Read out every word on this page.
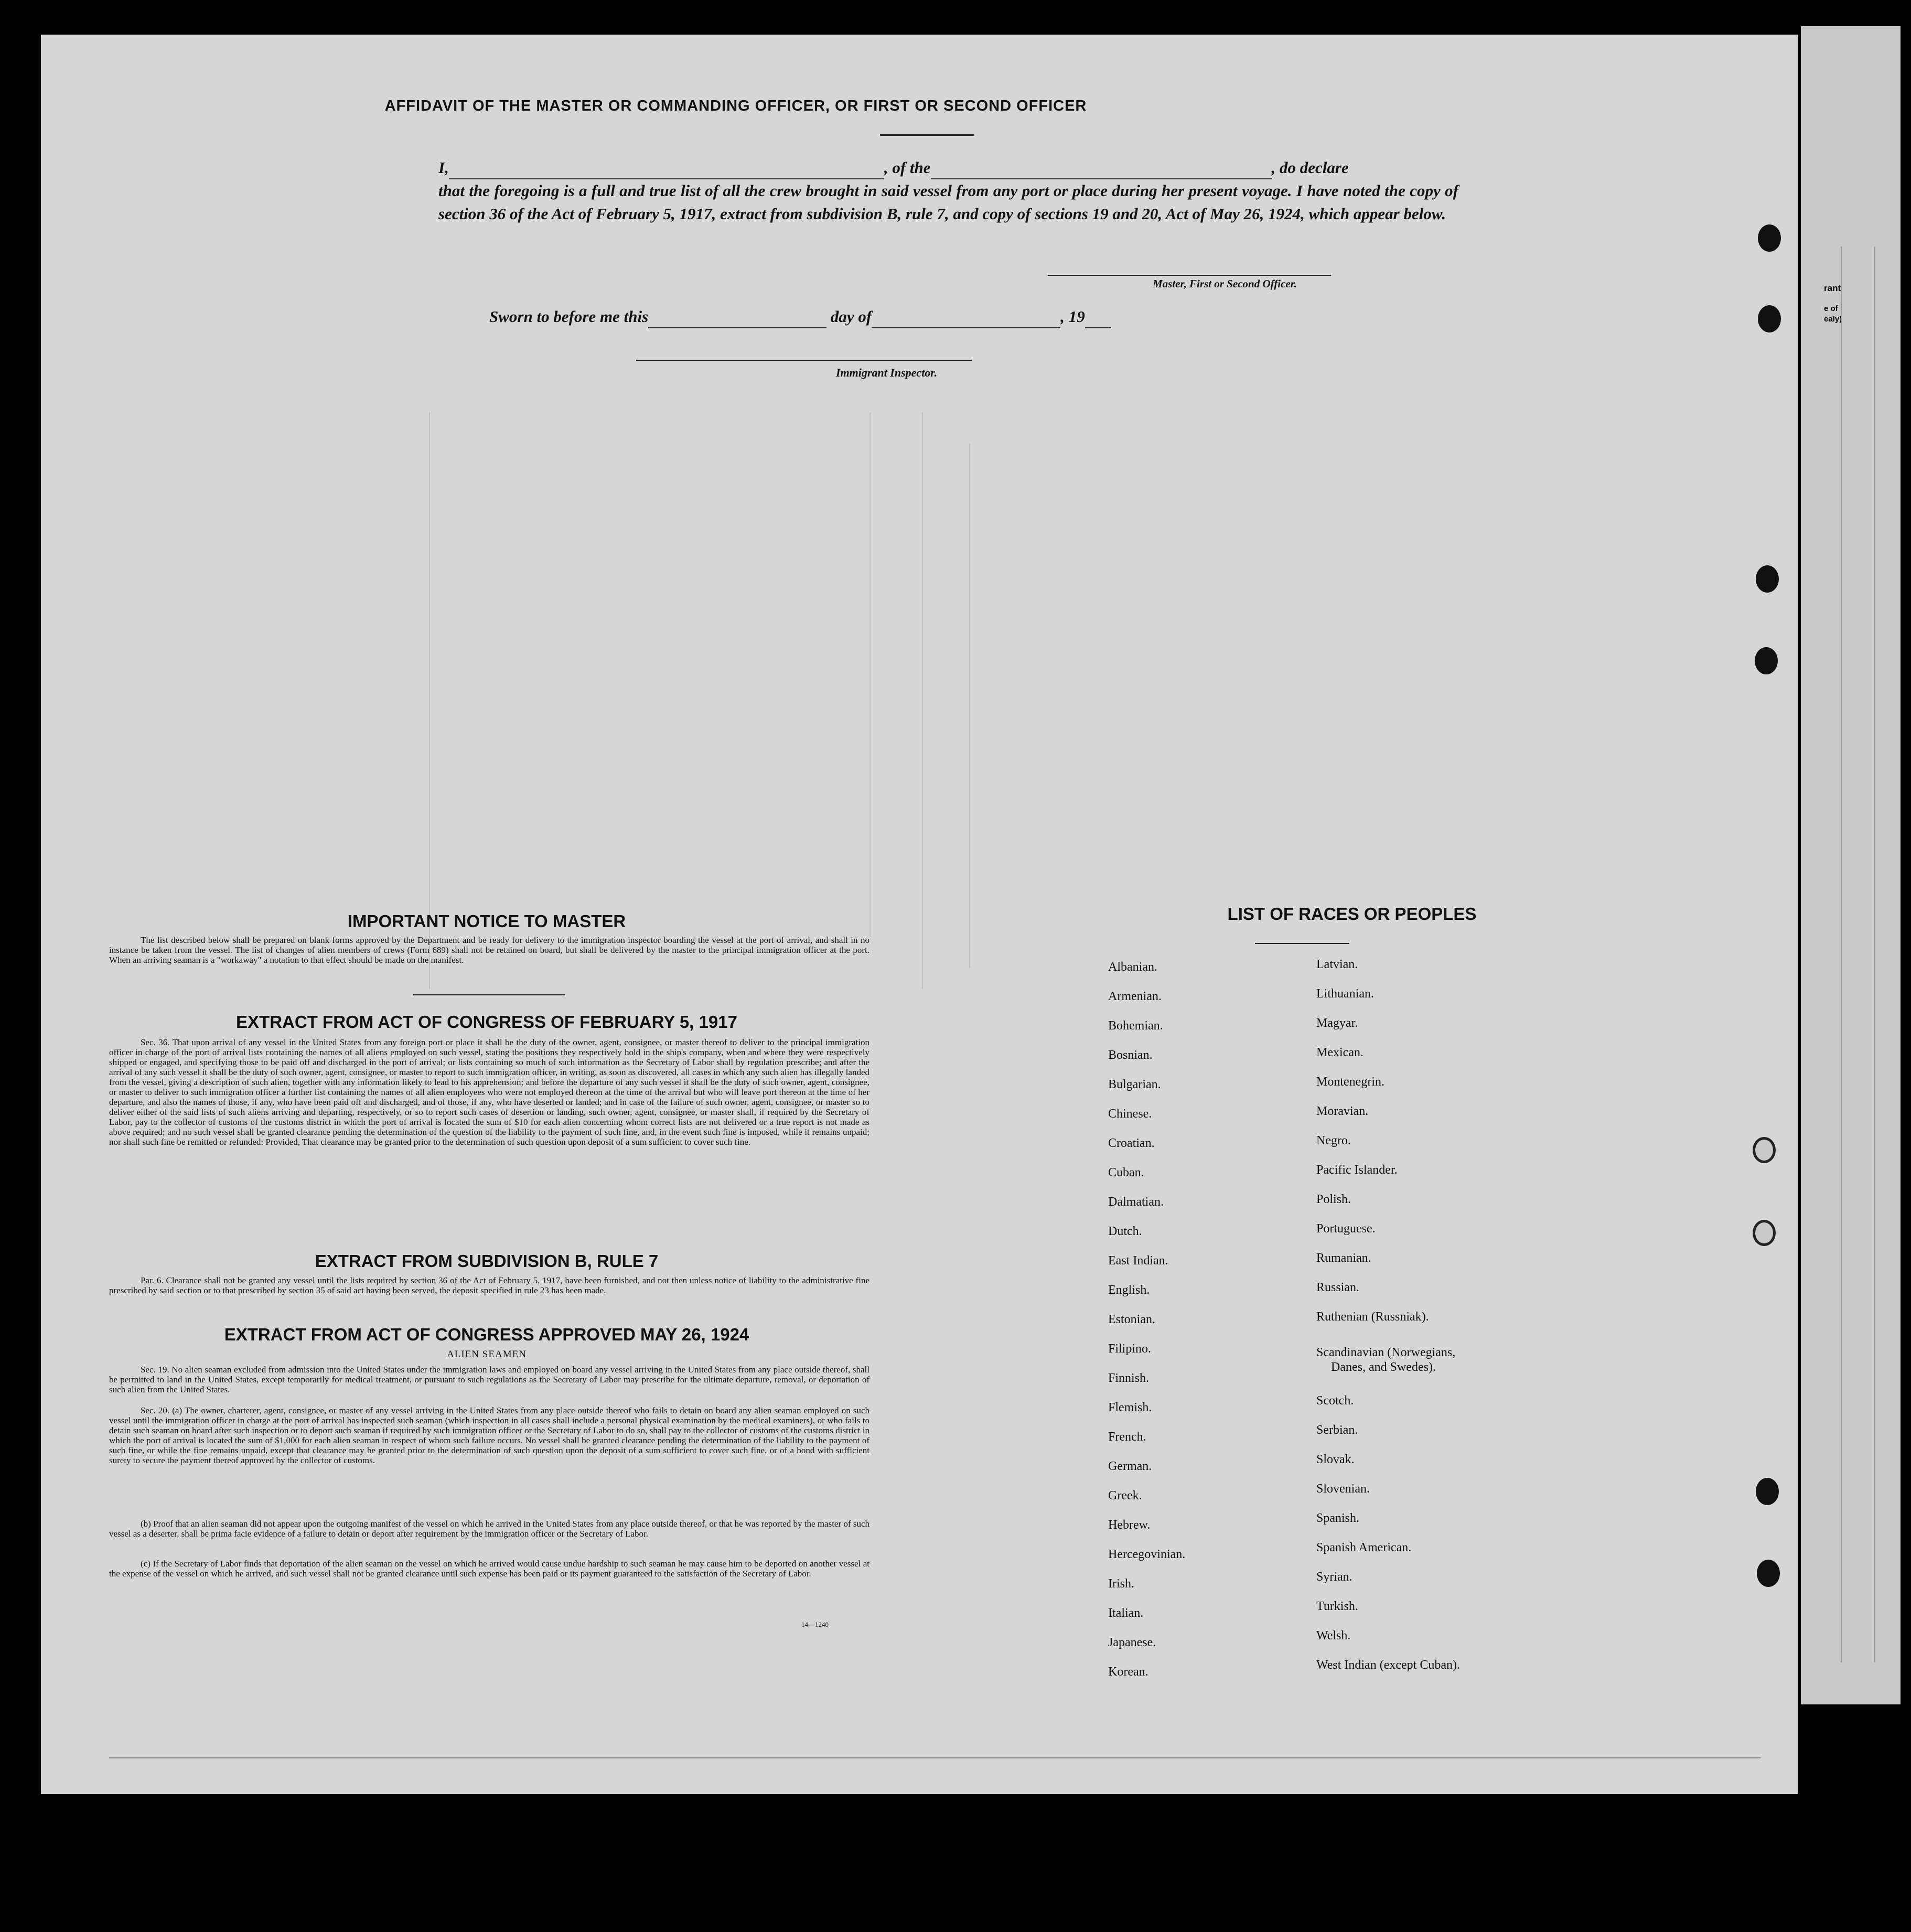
rant
e of
ealy)
AFFIDAVIT OF THE MASTER OR COMMANDING OFFICER, OR FIRST OR SECOND OFFICER
I,	, of the	, do declare
that the foregoing is a full and true list of all the crew brought in said vessel from any port or place during her present voyage. I have noted the copy of section 36 of the Act of February 5, 1917, extract from subdivision B, rule 7, and copy of sections 19 and 20, Act of May 26, 1924, which appear below.
Master, First or Second Officer.
Sworn to before me this	day of	, 19
Immigrant Inspector.
IMPORTANT NOTICE TO MASTER
The list described below shall be prepared on blank forms approved by the Department and be ready for delivery to the immigration inspector boarding the vessel at the port of arrival, and shall in no instance be taken from the vessel. The list of changes of alien members of crews (Form 689) shall not be retained on board, but shall be delivered by the master to the principal immigration officer at the port. When an arriving seaman is a "workaway" a notation to that effect should be made on the manifest.
EXTRACT FROM ACT OF CONGRESS OF FEBRUARY 5, 1917
Sec. 36. That upon arrival of any vessel in the United States from any foreign port or place it shall be the duty of the owner, agent, consignee, or master thereof to deliver to the principal immigration officer in charge of the port of arrival lists containing the names of all aliens employed on such vessel, stating the positions they respectively hold in the ship's company, when and where they were respectively shipped or engaged, and specifying those to be paid off and discharged in the port of arrival; or lists containing so much of such information as the Secretary of Labor shall by regulation prescribe; and after the arrival of any such vessel it shall be the duty of such owner, agent, consignee, or master to report to such immigration officer, in writing, as soon as discovered, all cases in which any such alien has illegally landed from the vessel, giving a description of such alien, together with any information likely to lead to his apprehension; and before the departure of any such vessel it shall be the duty of such owner, agent, consignee, or master to deliver to such immigration officer a further list containing the names of all alien employees who were not employed thereon at the time of the arrival but who will leave port thereon at the time of her departure, and also the names of those, if any, who have been paid off and discharged, and of those, if any, who have deserted or landed; and in case of the failure of such owner, agent, consignee, or master so to deliver either of the said lists of such aliens arriving and departing, respectively, or so to report such cases of desertion or landing, such owner, agent, consignee, or master shall, if required by the Secretary of Labor, pay to the collector of customs of the customs district in which the port of arrival is located the sum of $10 for each alien concerning whom correct lists are not delivered or a true report is not made as above required; and no such vessel shall be granted clearance pending the determination of the question of the liability to the payment of such fine, and, in the event such fine is imposed, while it remains unpaid; nor shall such fine be remitted or refunded: Provided, That clearance may be granted prior to the determination of such question upon deposit of a sum sufficient to cover such fine.
EXTRACT FROM SUBDIVISION B, RULE 7
Par. 6. Clearance shall not be granted any vessel until the lists required by section 36 of the Act of February 5, 1917, have been furnished, and not then unless notice of liability to the administrative fine prescribed by said section or to that prescribed by section 35 of said act having been served, the deposit specified in rule 23 has been made.
EXTRACT FROM ACT OF CONGRESS APPROVED MAY 26, 1924
ALIEN SEAMEN
Sec. 19. No alien seaman excluded from admission into the United States under the immigration laws and employed on board any vessel arriving in the United States from any place outside thereof, shall be permitted to land in the United States, except temporarily for medical treatment, or pursuant to such regulations as the Secretary of Labor may prescribe for the ultimate departure, removal, or deportation of such alien from the United States.
Sec. 20. (a) The owner, charterer, agent, consignee, or master of any vessel arriving in the United States from any place outside thereof who fails to detain on board any alien seaman employed on such vessel until the immigration officer in charge at the port of arrival has inspected such seaman (which inspection in all cases shall include a personal physical examination by the medical examiners), or who fails to detain such seaman on board after such inspection or to deport such seaman if required by such immigration officer or the Secretary of Labor to do so, shall pay to the collector of customs of the customs district in which the port of arrival is located the sum of $1,000 for each alien seaman in respect of whom such failure occurs. No vessel shall be granted clearance pending the determination of the liability to the payment of such fine, or while the fine remains unpaid, except that clearance may be granted prior to the determination of such question upon the deposit of a sum sufficient to cover such fine, or of a bond with sufficient surety to secure the payment thereof approved by the collector of customs.
(b) Proof that an alien seaman did not appear upon the outgoing manifest of the vessel on which he arrived in the United States from any place outside thereof, or that he was reported by the master of such vessel as a deserter, shall be prima facie evidence of a failure to detain or deport after requirement by the immigration officer or the Secretary of Labor.
(c) If the Secretary of Labor finds that deportation of the alien seaman on the vessel on which he arrived would cause undue hardship to such seaman he may cause him to be deported on another vessel at the expense of the vessel on which he arrived, and such vessel shall not be granted clearance until such expense has been paid or its payment guaranteed to the satisfaction of the Secretary of Labor.
14—1240
LIST OF RACES OR PEOPLES
Albanian.
Armenian.
Bohemian.
Bosnian.
Bulgarian.
Chinese.
Croatian.
Cuban.
Dalmatian.
Dutch.
East Indian.
English.
Estonian.
Filipino.
Finnish.
Flemish.
French.
German.
Greek.
Hebrew.
Hercegovinian.
Irish.
Italian.
Japanese.
Korean.
Latvian.
Lithuanian.
Magyar.
Mexican.
Montenegrin.
Moravian.
Negro.
Pacific Islander.
Polish.
Portuguese.
Rumanian.
Russian.
Ruthenian (Russniak).
Scandinavian (Norwegians,
Danes, and Swedes).
Scotch.
Serbian.
Slovak.
Slovenian.
Spanish.
Spanish American.
Syrian.
Turkish.
Welsh.
West Indian (except Cuban).
